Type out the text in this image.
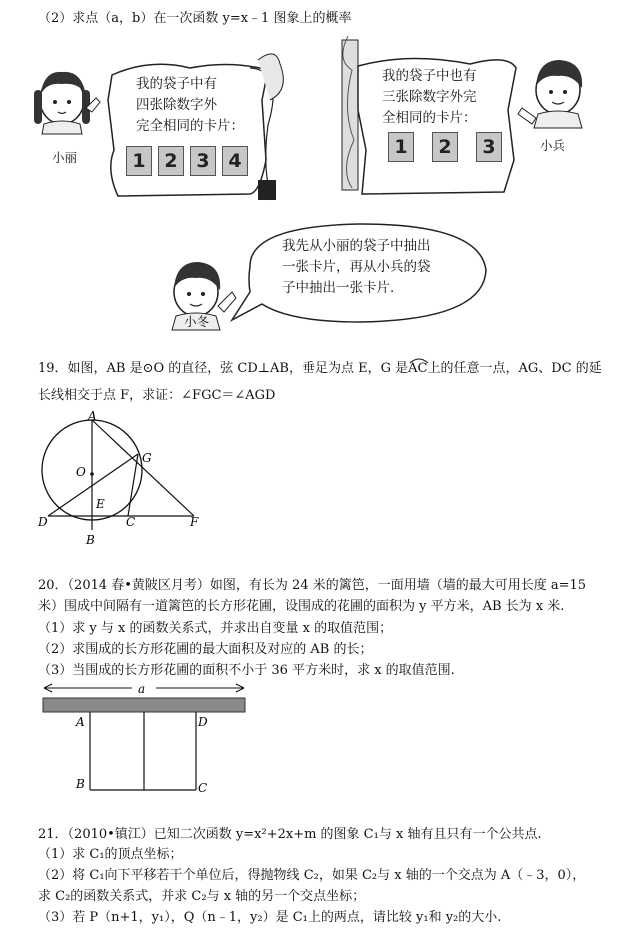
（2）求点（a，b）在一次函数 y=x﹣1 图象上的概率
我的袋子中有
四张除数字外
完全相同的卡片：
1 2 3 4
小丽
我的袋子中也有
三张除数字外完
全相同的卡片：
1	2	3	小兵
我先从小丽的袋子中抽出
一张卡片，再从小兵的袋
子中抽出一张卡片.
小冬
19．如图，AB 是⊙O 的直径，弦 CD⊥AB，垂足为点 E，G 是
AC上的任意一点，AG、DC 的延
长线相交于点 F，求证：∠FGC＝∠AGD
A
O
G
E
D	C	F
B
20．（2014 春•黄陂区月考）如图，有长为 24 米的篱笆，一面用墙（墙的最大可用长度 a=15
米）围成中间隔有一道篱笆的长方形花圃，设围成的花圃的面积为 y 平方米，AB 长为 x 米.
（1）求 y 与 x 的函数关系式，并求出自变量 x 的取值范围；
（2）求围成的长方形花圃的最大面积及对应的 AB 的长；
（3）当围成的长方形花圃的面积不小于 36 平方米时，求 x 的取值范围.
a
A	D
B	C
21．（2010•镇江）已知二次函数 y=x²+2x+m 的图象 C₁与 x 轴有且只有一个公共点.
（1）求 C₁的顶点坐标；
（2）将 C₁向下平移若干个单位后，得抛物线 C₂，如果 C₂与 x 轴的一个交点为 A（﹣3，0），
求 C₂的函数关系式，并求 C₂与 x 轴的另一个交点坐标；
（3）若 P（n+1，y₁），Q（n﹣1，y₂）是 C₁上的两点，请比较 y₁和 y₂的大小.
